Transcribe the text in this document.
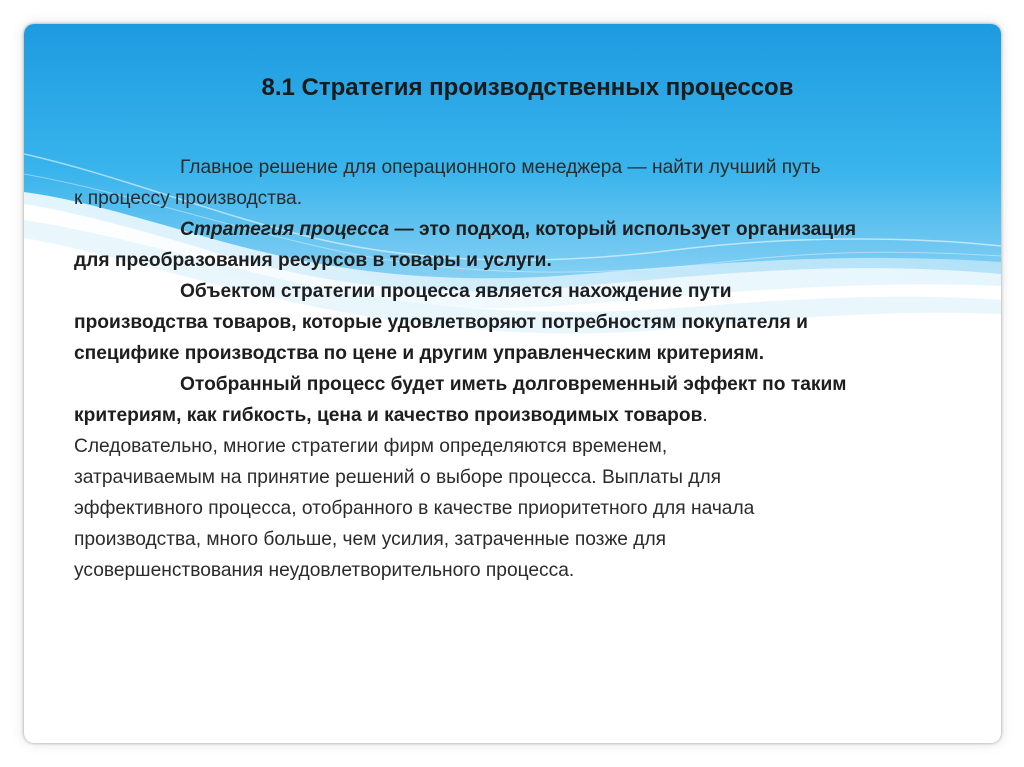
8.1 Стратегия производственных процессов
Главное решение для операционного менеджера — найти лучший путь
к процессу производства.
Стратегия процесса — это подход, который использует организация
для преобразования ресурсов в товары и услуги.
Объектом стратегии процесса является нахождение пути
производства товаров, которые удовлетворяют потребностям покупателя и
специфике производства по цене и другим управленческим критериям.
Отобранный процесс будет иметь долговременный эффект по таким
критериям, как гибкость, цена и качество производимых товаров.
Следовательно, многие стратегии фирм определяются временем,
затрачиваемым на принятие решений о выборе процесса. Выплаты для
эффективного процесса, отобранного в качестве приоритетного для начала
производства, много больше, чем усилия, затраченные позже для
усовершенствования неудовлетворительного процесса.
